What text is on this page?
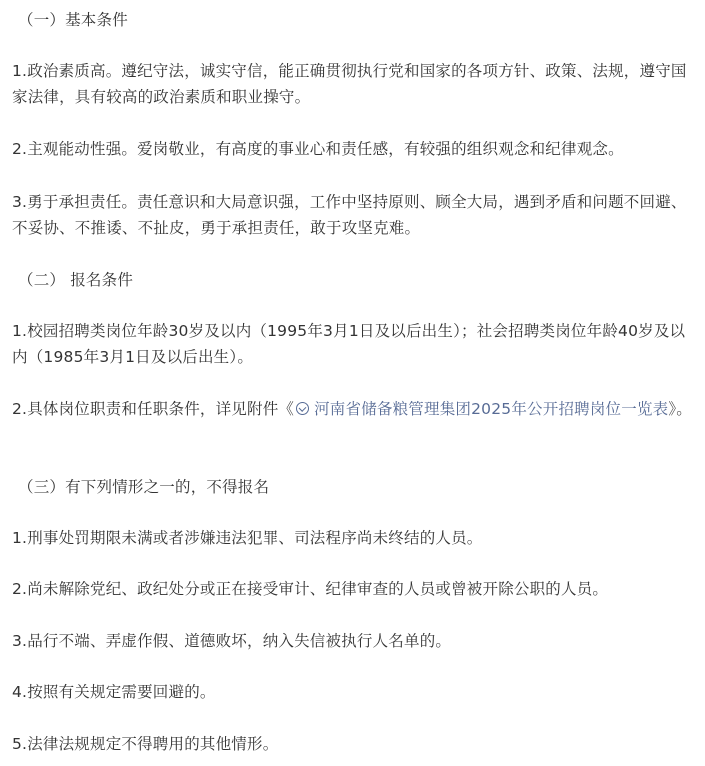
（一）基本条件
1.政治素质高。遵纪守法，诚实守信，能正确贯彻执行党和国家的各项方针、政策、法规，遵守国家法律，具有较高的政治素质和职业操守。
2.主观能动性强。爱岗敬业，有高度的事业心和责任感，有较强的组织观念和纪律观念。
3.勇于承担责任。责任意识和大局意识强，工作中坚持原则、顾全大局，遇到矛盾和问题不回避、不妥协、不推诿、不扯皮，勇于承担责任，敢于攻坚克难。
（二） 报名条件
1.校园招聘类岗位年龄30岁及以内（1995年3月1日及以后出生）；社会招聘类岗位年龄40岁及以内（1985年3月1日及以后出生）。
2.具体岗位职责和任职条件，详见附件《 河南省储备粮管理集团2025年公开招聘岗位一览表》。
（三）有下列情形之一的，不得报名
1.刑事处罚期限未满或者涉嫌违法犯罪、司法程序尚未终结的人员。
2.尚未解除党纪、政纪处分或正在接受审计、纪律审查的人员或曾被开除公职的人员。
3.品行不端、弄虚作假、道德败坏，纳入失信被执行人名单的。
4.按照有关规定需要回避的。
5.法律法规规定不得聘用的其他情形。
